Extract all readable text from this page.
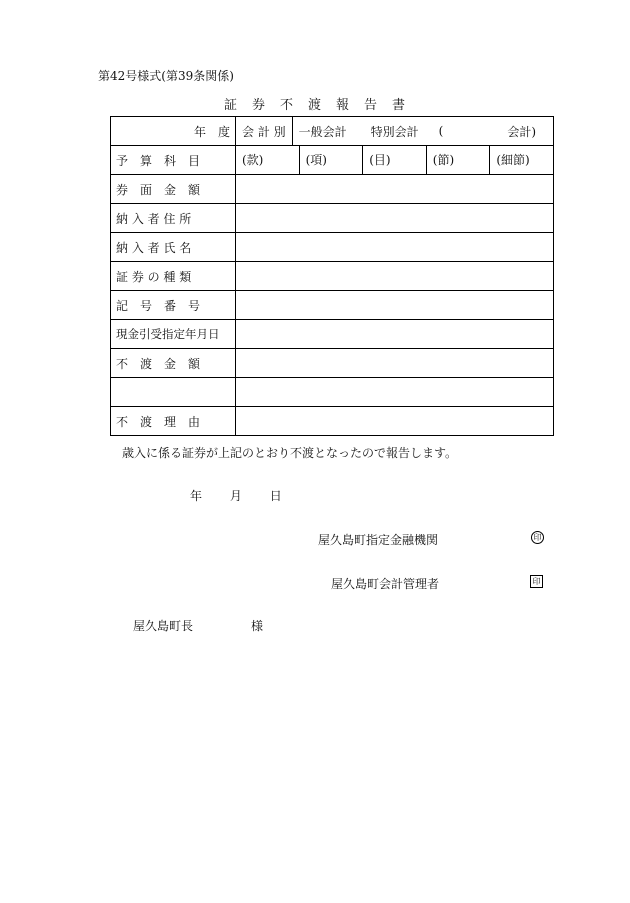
第42号様式(第39条関係)
証　券　不　渡　報　告　書
年　度	会 計 別 一般会計 特別会計 ( 会計)

予　算　科　目	(款) (項) (目) (節) (細節)

券　面　金　額	
納 入 者 住 所	
納 入 者 氏 名	
証 券 の 種 類	
記　号　番　号	
現金引受指定年月日	
不　渡　金　額	

不　渡　理　由	
歳入に係る証券が上記のとおり不渡となったので報告します。
年 月 日
屋久島町指定金融機関	印
屋久島町会計管理者	印
屋久島町長	様
